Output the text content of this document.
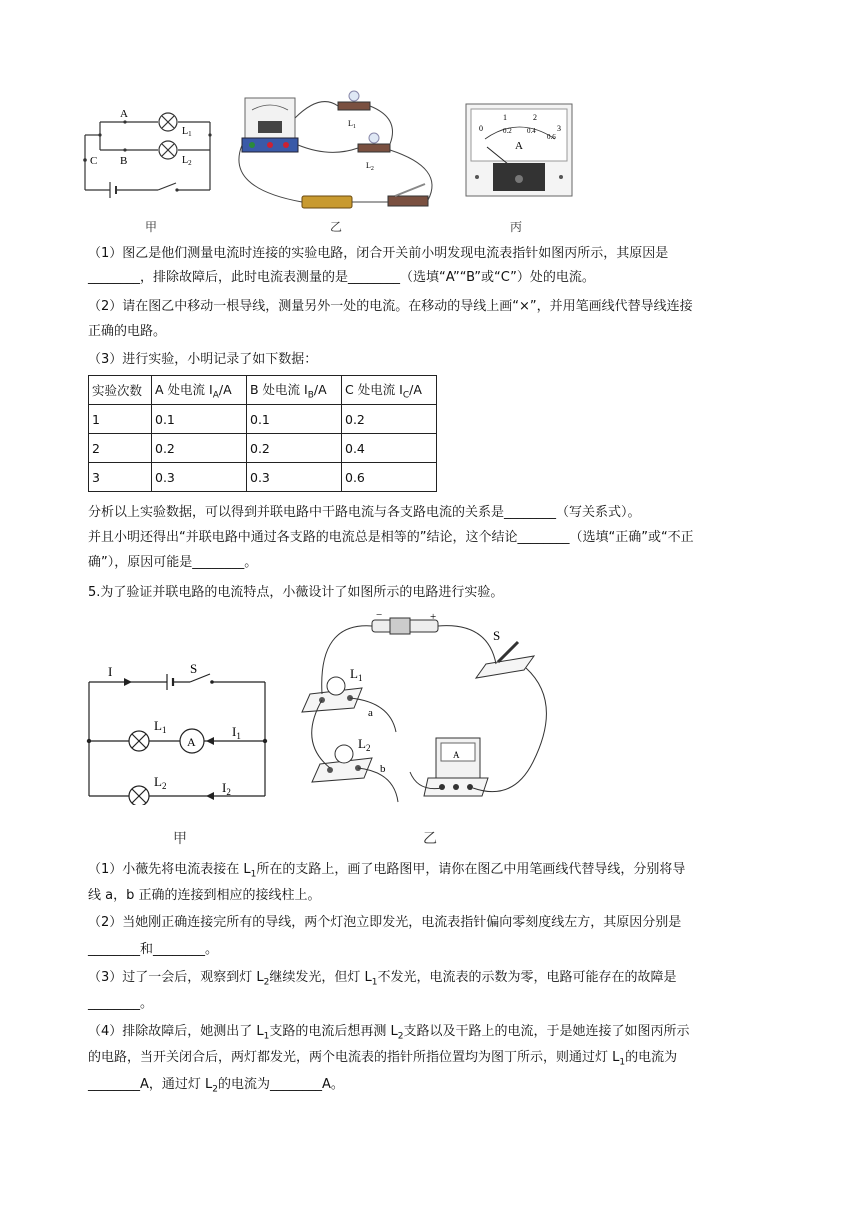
A
B
C
$L_1$
$L_2$
甲
$L_1$
$L_2$
乙
0
1	2
3
0.2 0.4
0.6
A
丙
（1）图乙是他们测量电流时连接的实验电路，闭合开关前小明发现电流表指针如图丙所示，其原因是
________，排除故障后，此时电流表测量的是________（选填“A”“B”或“C”）处的电流。
（2）请在图乙中移动一根导线，测量另外一处的电流。在移动的导线上画“×”，并用笔画线代替导线连接
正确的电路。
（3）进行实验，小明记录了如下数据：
实验次数	A 处电流 $I_A/A$	B 处电流 $I_B/A$	C 处电流 $I_C/A$
1	0.1	0.1	0.2
2	0.2	0.2	0.4
3	0.3	0.3	0.6
分析以上实验数据，可以得到并联电路中干路电流与各支路电流的关系是________（写关系式）。
并且小明还得出“并联电路中通过各支路的电流总是相等的”结论，这个结论________（选填“正确”或“不正
确”），原因可能是________。
5.为了验证并联电路的电流特点，小薇设计了如图所示的电路进行实验。
I	S
$L_1$
A
$I_1$
$L_2$	$I_2$
甲
−	+
S
$L_1$
a
$L_2$
b
A
乙
（1）小薇先将电流表接在 $L_1$所在的支路上，画了电路图甲，请你在图乙中用笔画线代替导线，分别将导
线 a，b 正确的连接到相应的接线柱上。
（2）当她刚正确连接完所有的导线，两个灯泡立即发光，电流表指针偏向零刻度线左方，其原因分别是
________和________。
（3）过了一会后，观察到灯 $L_2$继续发光，但灯 $L_1$不发光，电流表的示数为零，电路可能存在的故障是
________。
（4）排除故障后，她测出了 $L_1$支路的电流后想再测 $L_2$支路以及干路上的电流，于是她连接了如图丙所示
的电路，当开关闭合后，两灯都发光，两个电流表的指针所指位置均为图丁所示，则通过灯 $L_1$的电流为
________A，通过灯 $L_2$的电流为________A。
